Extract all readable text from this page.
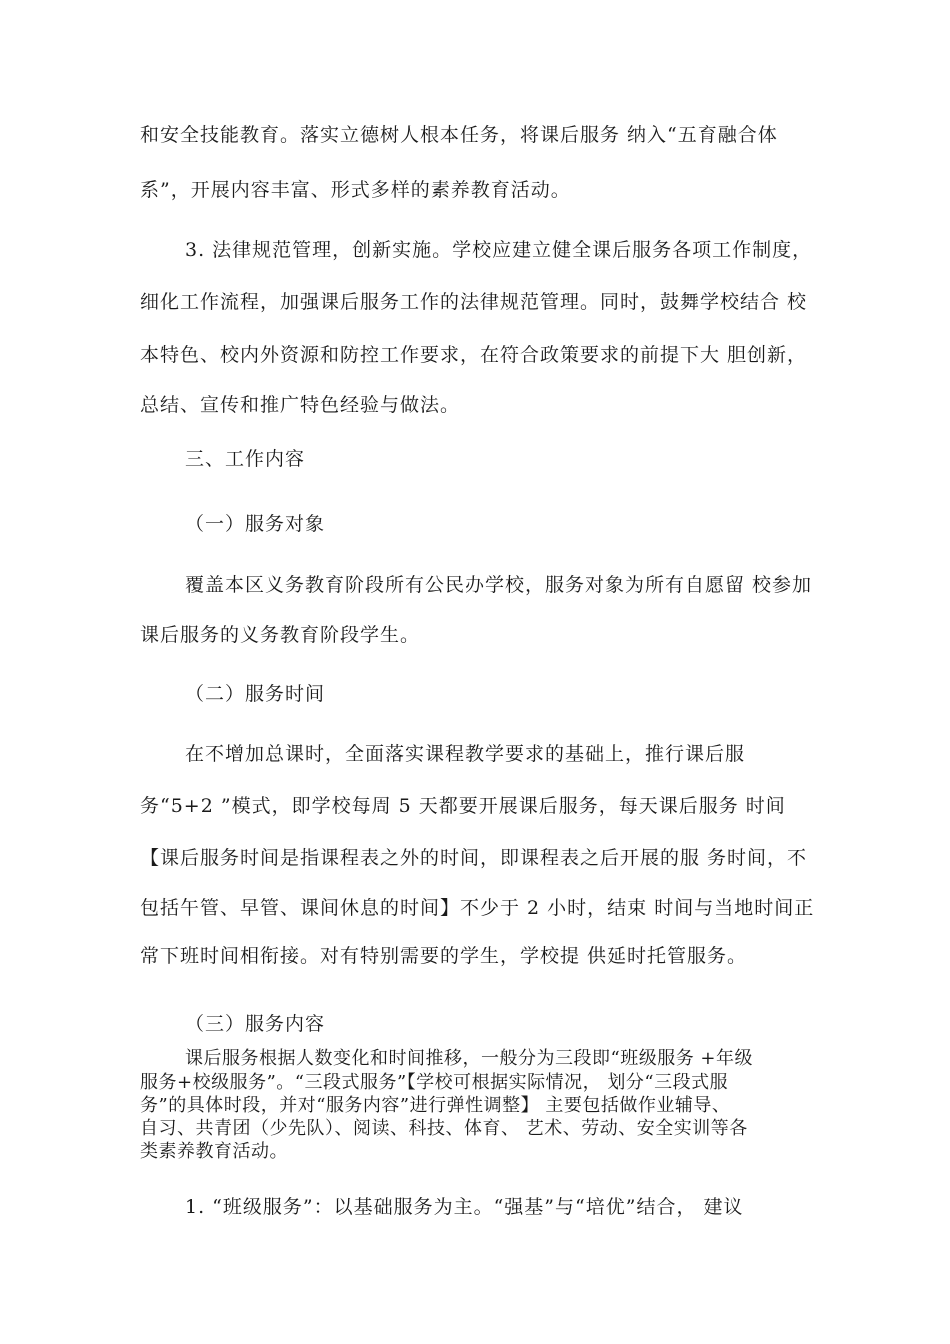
和安全技能教育。落实立德树人根本任务，将课后服务 纳入“五育融合体
系”，开展内容丰富、形式多样的素养教育活动。
3. 法律规范管理，创新实施。学校应建立健全课后服务各项工作制度，
细化工作流程，加强课后服务工作的法律规范管理。同时，鼓舞学校结合 校
本特色、校内外资源和防控工作要求，在符合政策要求的前提下大 胆创新，
总结、宣传和推广特色经验与做法。
三、工作内容
（一）服务对象
覆盖本区义务教育阶段所有公民办学校，服务对象为所有自愿留 校参加
课后服务的义务教育阶段学生。
（二）服务时间
在不增加总课时，全面落实课程教学要求的基础上，推行课后服
务“5+2 ”模式，即学校每周 5 天都要开展课后服务，每天课后服务 时间
【课后服务时间是指课程表之外的时间，即课程表之后开展的服 务时间，不
包括午管、早管、课间休息的时间】不少于 2 小时，结束 时间与当地时间正
常下班时间相衔接。对有特别需要的学生，学校提 供延时托管服务。
（三）服务内容
课后服务根据人数变化和时间推移，一般分为三段即“班级服务 +年级
服务+校级服务”。“三段式服务”【学校可根据实际情况， 划分“三段式服
务”的具体时段，并对“服务内容”进行弹性调整】 主要包括做作业辅导、
自习、共青团（少先队）、阅读、科技、体育、 艺术、劳动、安全实训等各
类素养教育活动。
1. “班级服务”：以基础服务为主。“强基”与“培优”结合， 建议
